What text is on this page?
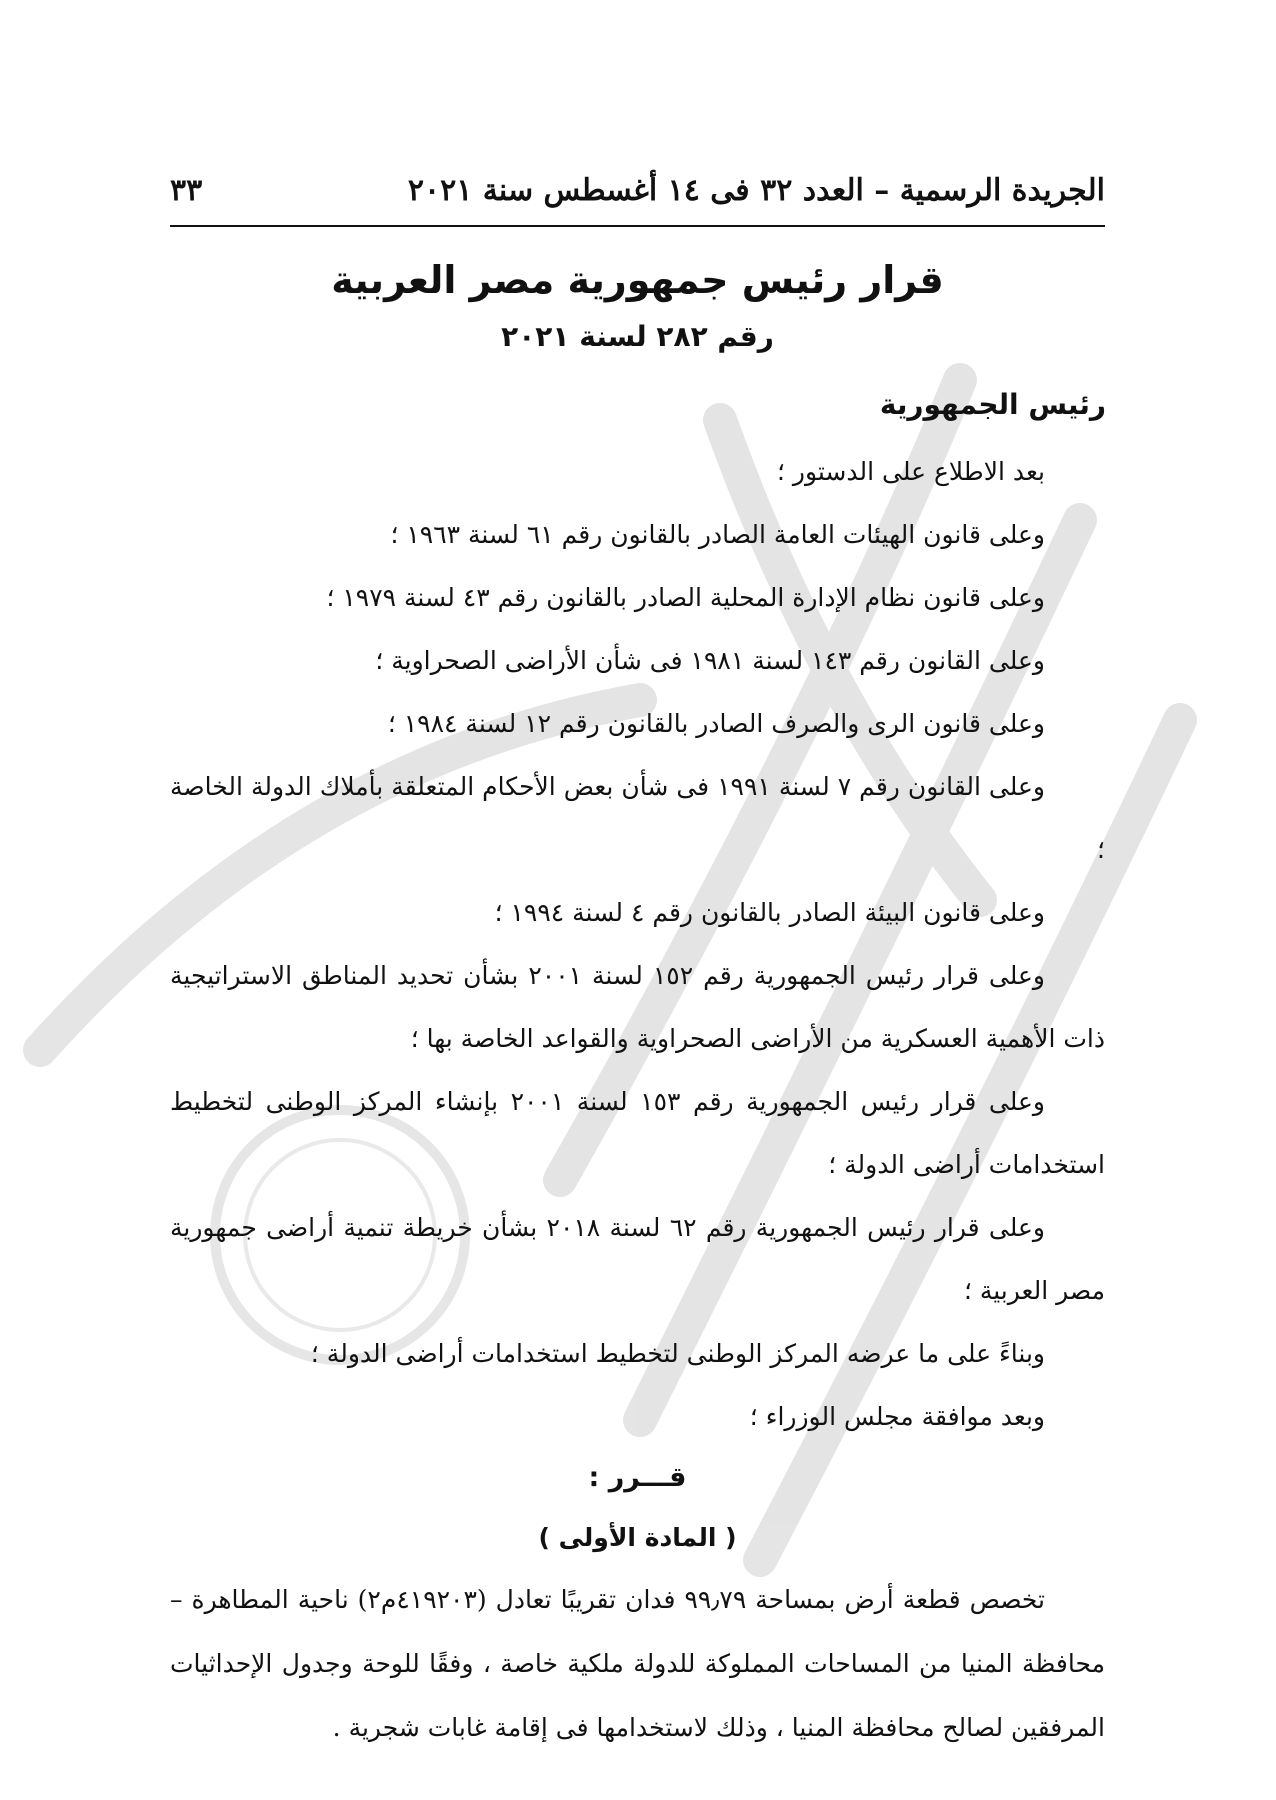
الجريدة الرسمية – العدد ٣٢ فى ١٤ أغسطس سنة ٢٠٢١
٣٣
قرار رئيس جمهورية مصر العربية
رقم ٢٨٢ لسنة ٢٠٢١
رئيس الجمهورية

بعد الاطلاع على الدستور ؛

وعلى قانون الهيئات العامة الصادر بالقانون رقم ٦١ لسنة ١٩٦٣ ؛

وعلى قانون نظام الإدارة المحلية الصادر بالقانون رقم ٤٣ لسنة ١٩٧٩ ؛

وعلى القانون رقم ١٤٣ لسنة ١٩٨١ فى شأن الأراضى الصحراوية ؛

وعلى قانون الرى والصرف الصادر بالقانون رقم ١٢ لسنة ١٩٨٤ ؛

وعلى القانون رقم ٧ لسنة ١٩٩١ فى شأن بعض الأحكام المتعلقة بأملاك الدولة الخاصة ؛

وعلى قانون البيئة الصادر بالقانون رقم ٤ لسنة ١٩٩٤ ؛

وعلى قرار رئيس الجمهورية رقم ١٥٢ لسنة ٢٠٠١ بشأن تحديد المناطق الاستراتيجية ذات الأهمية العسكرية من الأراضى الصحراوية والقواعد الخاصة بها ؛

وعلى قرار رئيس الجمهورية رقم ١٥٣ لسنة ٢٠٠١ بإنشاء المركز الوطنى لتخطيط استخدامات أراضى الدولة ؛

وعلى قرار رئيس الجمهورية رقم ٦٢ لسنة ٢٠١٨ بشأن خريطة تنمية أراضى جمهورية مصر العربية ؛

وبناءً على ما عرضه المركز الوطنى لتخطيط استخدامات أراضى الدولة ؛

وبعد موافقة مجلس الوزراء ؛

قـــرر :
( المادة الأولى )

تخصص قطعة أرض بمساحة ٩٩٫٧٩ فدان تقريبًا تعادل (٤١٩٢٠٣م٢) ناحية المطاهرة – محافظة المنيا من المساحات المملوكة للدولة ملكية خاصة ، وفقًا للوحة وجدول الإحداثيات المرفقين لصالح محافظة المنيا ، وذلك لاستخدامها فى إقامة غابات شجرية .
